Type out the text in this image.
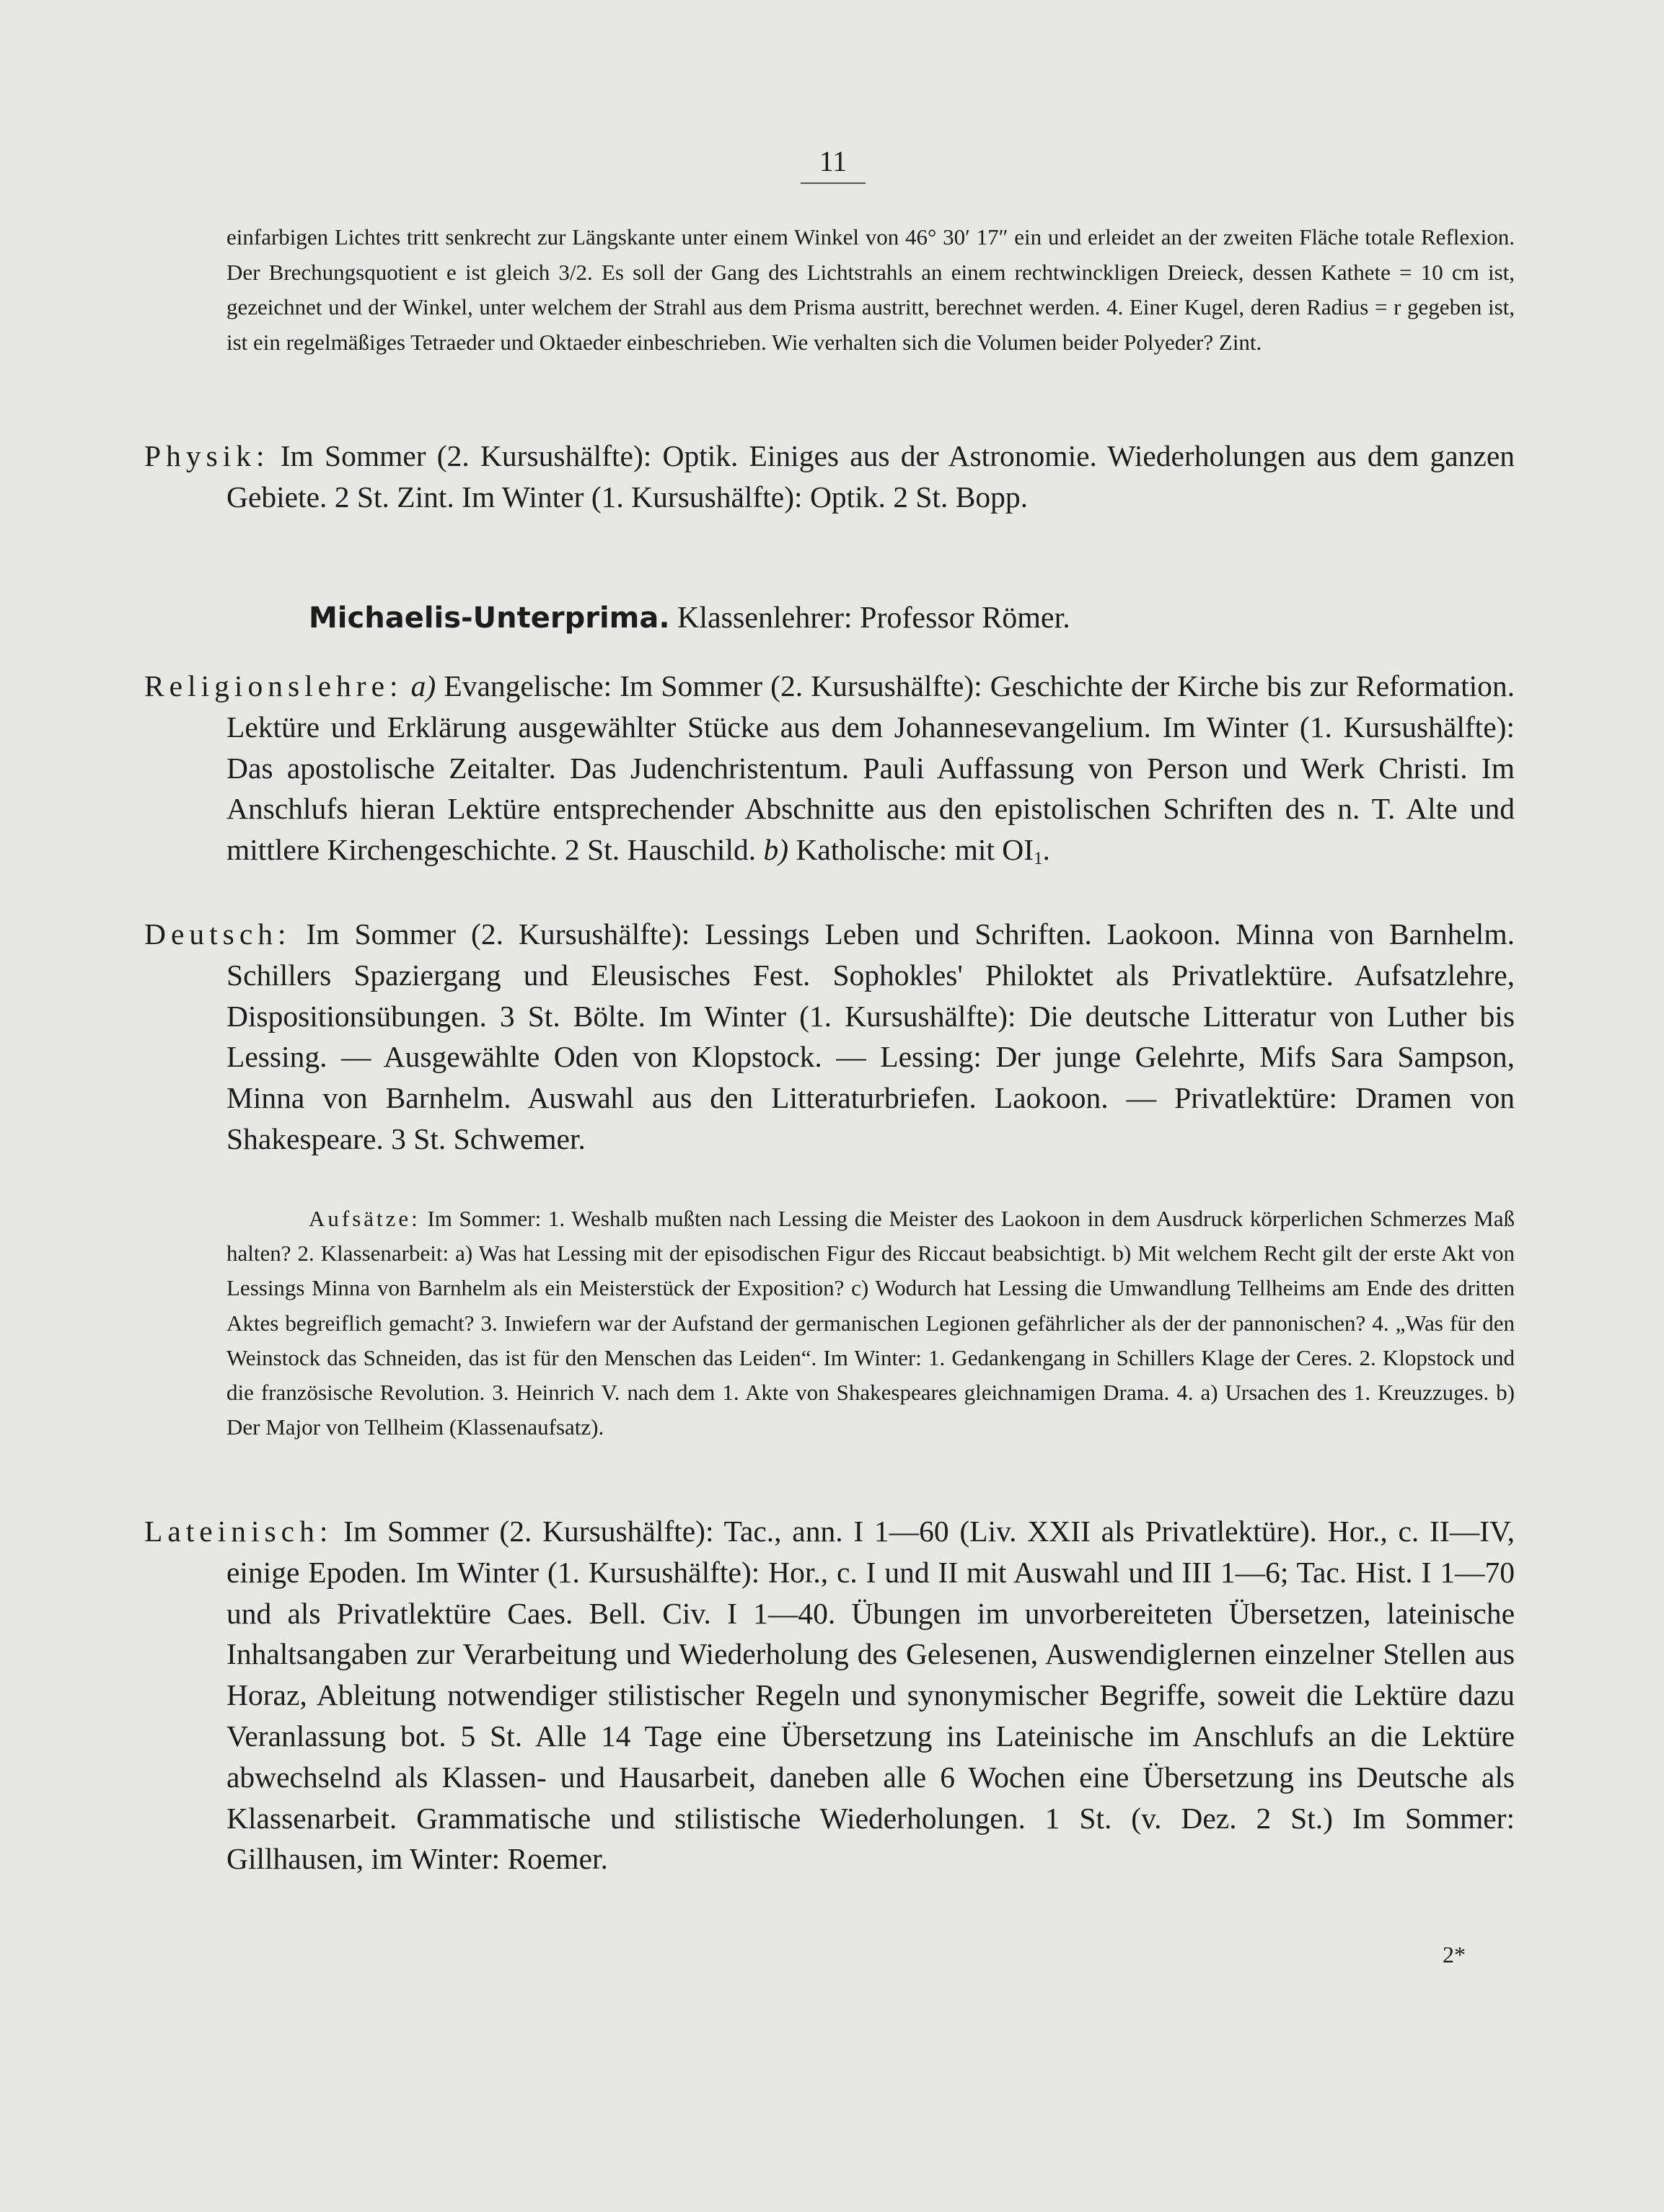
11
einfarbigen Lichtes tritt senkrecht zur Längskante unter einem Winkel von 46° 30′ 17″ ein und erleidet an der zweiten Fläche totale Reflexion. Der Brechungsquotient e ist gleich 3/2. Es soll der Gang des Lichtstrahls an einem rechtwinckligen Dreieck, dessen Kathete = 10 cm ist, gezeichnet und der Winkel, unter welchem der Strahl aus dem Prisma austritt, berechnet werden. 4. Einer Kugel, deren Radius = r gegeben ist, ist ein regelmäßiges Tetraeder und Oktaeder einbeschrieben. Wie verhalten sich die Volumen beider Polyeder? Zint.
Physik: Im Sommer (2. Kursushälfte): Optik. Einiges aus der Astronomie. Wiederholungen aus dem ganzen Gebiete. 2 St. Zint. Im Winter (1. Kursushälfte): Optik. 2 St. Bopp.
Michaelis-Unterprima. Klassenlehrer: Professor Römer.
Religionslehre: a) Evangelische: Im Sommer (2. Kursushälfte): Geschichte der Kirche bis zur Reformation. Lektüre und Erklärung ausgewählter Stücke aus dem Johannesevangelium. Im Winter (1. Kursushälfte): Das apostolische Zeitalter. Das Judenchristentum. Pauli Auffassung von Person und Werk Christi. Im Anschlufs hieran Lektüre entsprechender Abschnitte aus den epistolischen Schriften des n. T. Alte und mittlere Kirchengeschichte. 2 St. Hauschild. b) Katholische: mit $OI_1$.
Deutsch: Im Sommer (2. Kursushälfte): Lessings Leben und Schriften. Laokoon. Minna von Barnhelm. Schillers Spaziergang und Eleusisches Fest. Sophokles' Philoktet als Privatlektüre. Aufsatzlehre, Dispositionsübungen. 3 St. Bölte. Im Winter (1. Kursushälfte): Die deutsche Litteratur von Luther bis Lessing. — Ausgewählte Oden von Klopstock. — Lessing: Der junge Gelehrte, Mifs Sara Sampson, Minna von Barnhelm. Auswahl aus den Litteraturbriefen. Laokoon. — Privatlektüre: Dramen von Shakespeare. 3 St. Schwemer.
Aufsätze: Im Sommer: 1. Weshalb mußten nach Lessing die Meister des Laokoon in dem Ausdruck körperlichen Schmerzes Maß halten? 2. Klassenarbeit: a) Was hat Lessing mit der episodischen Figur des Riccaut beabsichtigt. b) Mit welchem Recht gilt der erste Akt von Lessings Minna von Barnhelm als ein Meisterstück der Exposition? c) Wodurch hat Lessing die Umwandlung Tellheims am Ende des dritten Aktes begreiflich gemacht? 3. Inwiefern war der Aufstand der germanischen Legionen gefährlicher als der der pannonischen? 4. „Was für den Weinstock das Schneiden, das ist für den Menschen das Leiden“. Im Winter: 1. Gedankengang in Schillers Klage der Ceres. 2. Klopstock und die französische Revolution. 3. Heinrich V. nach dem 1. Akte von Shakespeares gleichnamigen Drama. 4. a) Ursachen des 1. Kreuzzuges. b) Der Major von Tellheim (Klassenaufsatz).
Lateinisch: Im Sommer (2. Kursushälfte): Tac., ann. I 1—60 (Liv. XXII als Privatlektüre). Hor., c. II—IV, einige Epoden. Im Winter (1. Kursushälfte): Hor., c. I und II mit Auswahl und III 1—6; Tac. Hist. I 1—70 und als Privatlektüre Caes. Bell. Civ. I 1—40. Übungen im unvorbereiteten Übersetzen, lateinische Inhaltsangaben zur Verarbeitung und Wiederholung des Gelesenen, Auswendiglernen einzelner Stellen aus Horaz, Ableitung notwendiger stilistischer Regeln und synonymischer Begriffe, soweit die Lektüre dazu Veranlassung bot. 5 St. Alle 14 Tage eine Übersetzung ins Lateinische im Anschlufs an die Lektüre abwechselnd als Klassen- und Hausarbeit, daneben alle 6 Wochen eine Übersetzung ins Deutsche als Klassenarbeit. Grammatische und stilistische Wiederholungen. 1 St. (v. Dez. 2 St.) Im Sommer: Gillhausen, im Winter: Roemer.
2*
